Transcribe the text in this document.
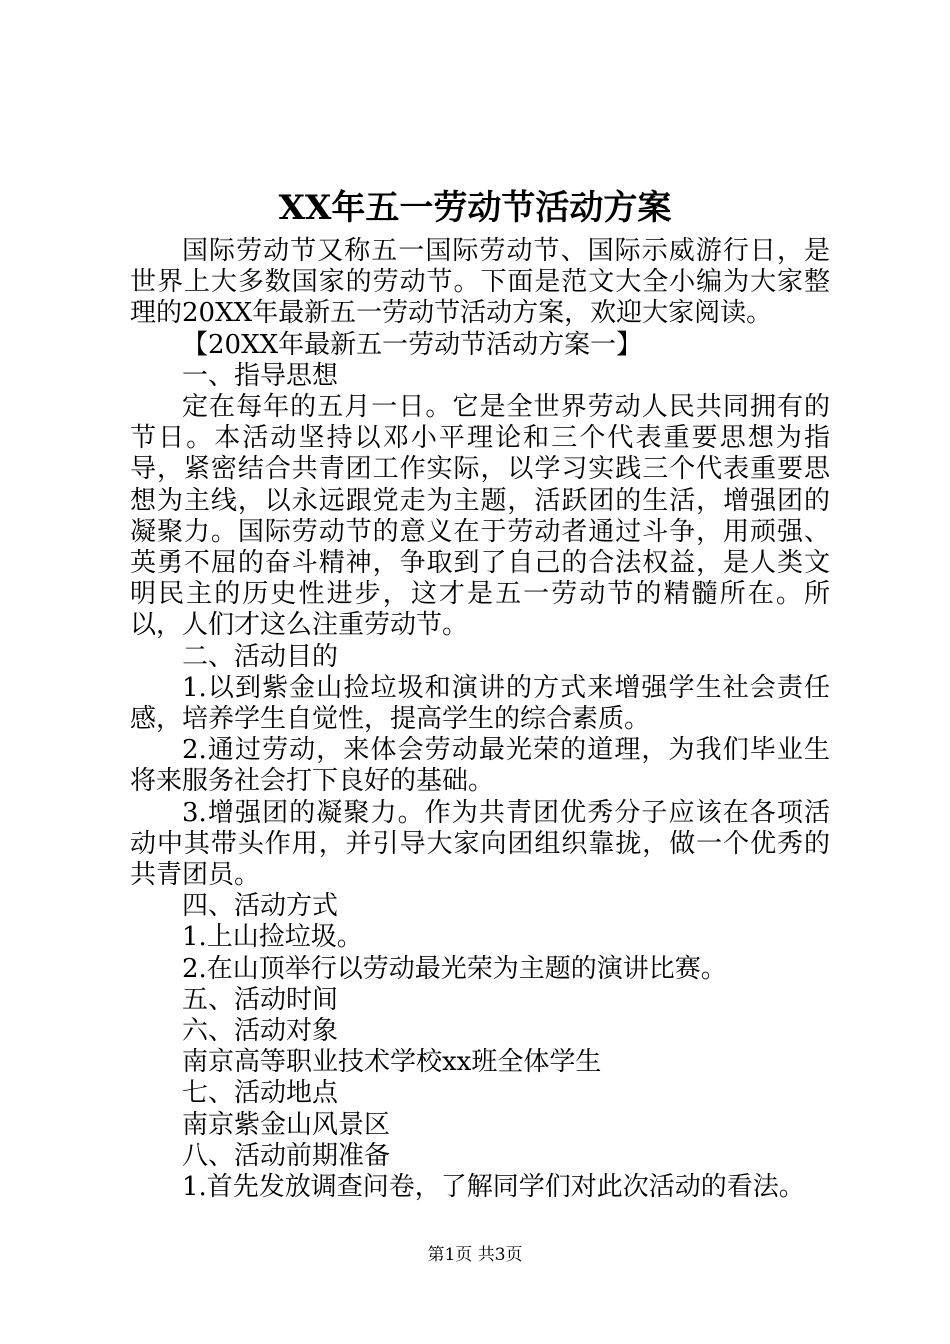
XX年五一劳动节活动方案

国际劳动节又称五一国际劳动节、国际示威游行日，是世界上大多数国家的劳动节。下面是范文大全小编为大家整理的20XX年最新五一劳动节活动方案，欢迎大家阅读。

【20XX年最新五一劳动节活动方案一】

一、指导思想

定在每年的五月一日。它是全世界劳动人民共同拥有的节日。本活动坚持以邓小平理论和三个代表重要思想为指导，紧密结合共青团工作实际，以学习实践三个代表重要思想为主线，以永远跟党走为主题，活跃团的生活，增强团的凝聚力。国际劳动节的意义在于劳动者通过斗争，用顽强、英勇不屈的奋斗精神，争取到了自己的合法权益，是人类文明民主的历史性进步，这才是五一劳动节的精髓所在。所以，人们才这么注重劳动节。

二、活动目的

1.以到紫金山捡垃圾和演讲的方式来增强学生社会责任感，培养学生自觉性，提高学生的综合素质。

2.通过劳动，来体会劳动最光荣的道理，为我们毕业生将来服务社会打下良好的基础。

3.增强团的凝聚力。作为共青团优秀分子应该在各项活动中其带头作用，并引导大家向团组织靠拢，做一个优秀的共青团员。

四、活动方式

1.上山捡垃圾。

2.在山顶举行以劳动最光荣为主题的演讲比赛。

五、活动时间

六、活动对象

南京高等职业技术学校xx班全体学生

七、活动地点

南京紫金山风景区

八、活动前期准备

1.首先发放调查问卷，了解同学们对此次活动的看法。

第1页 共3页
